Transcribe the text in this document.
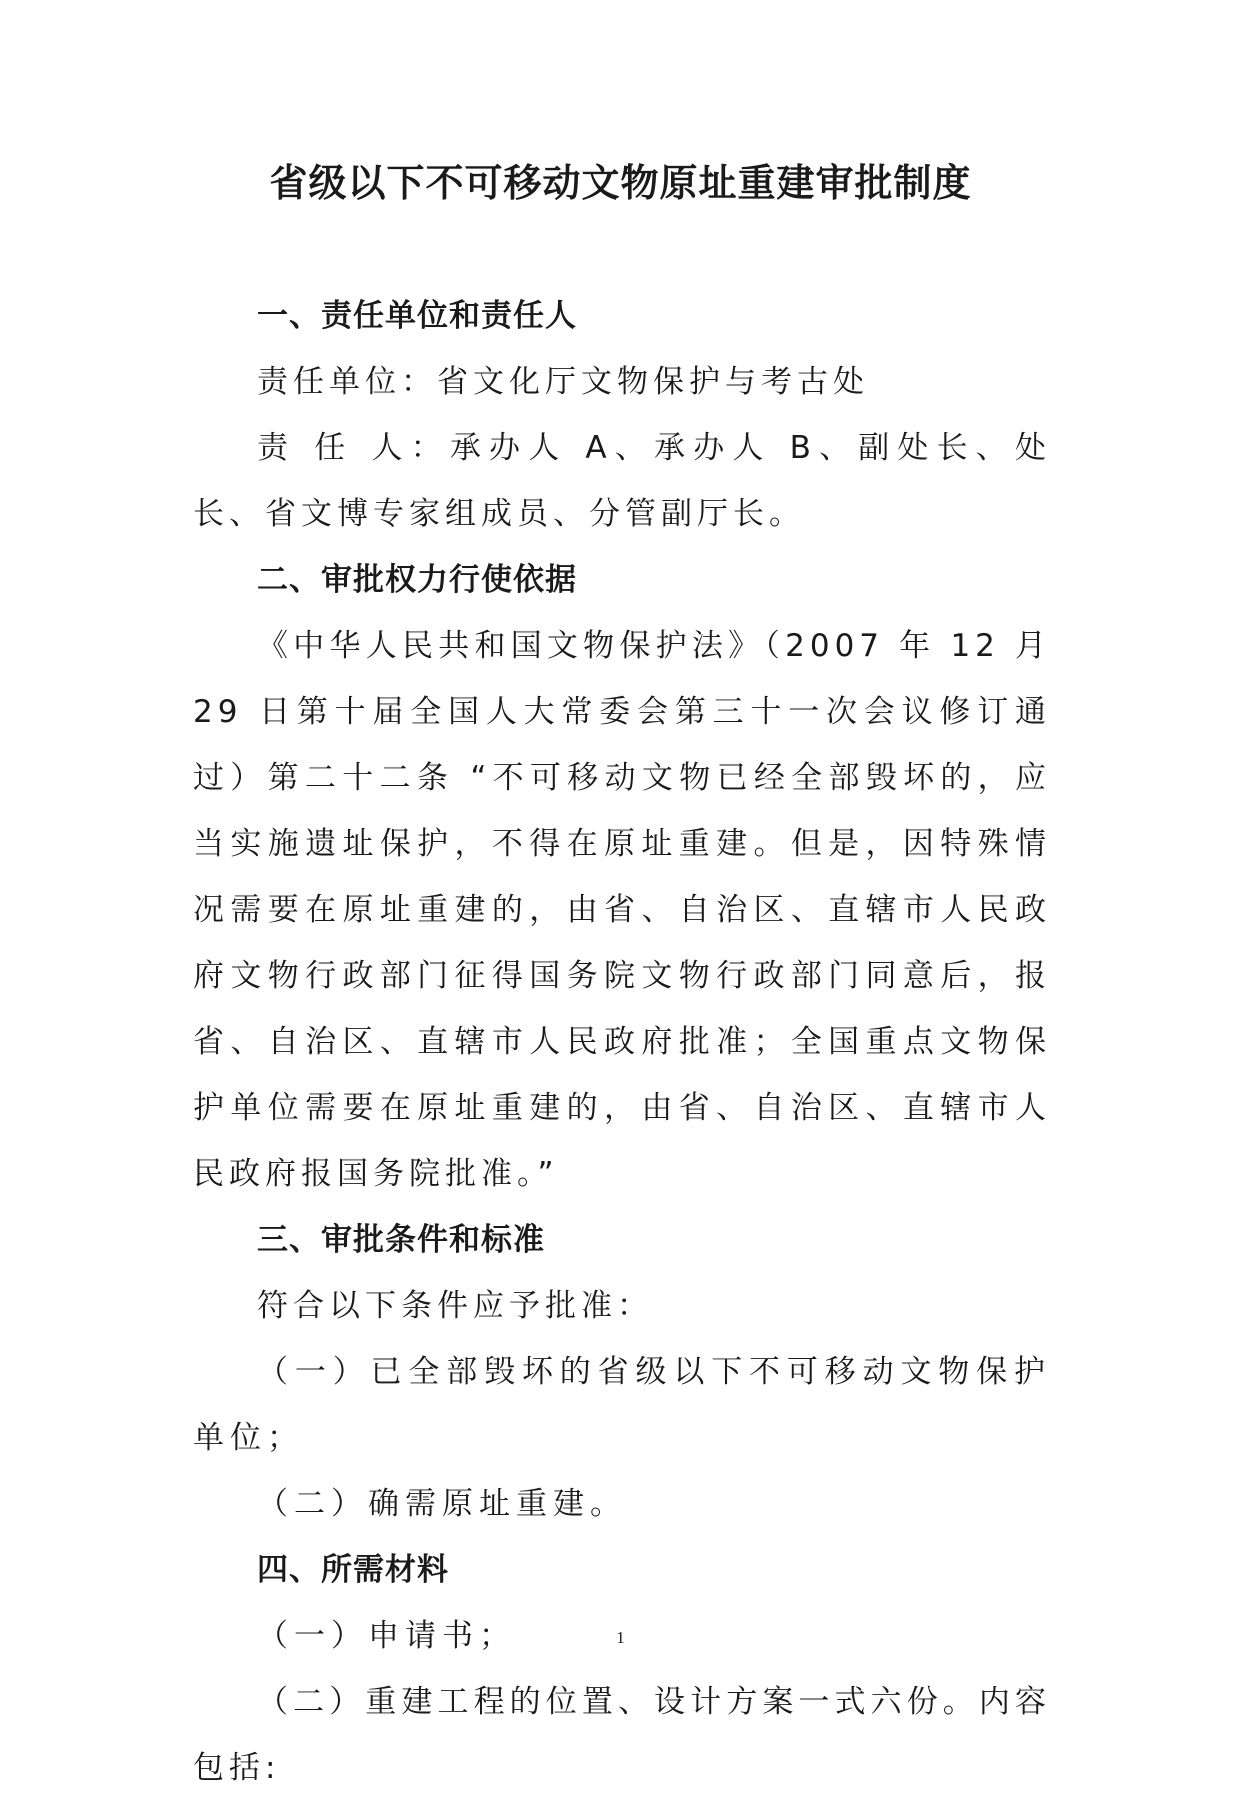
省级以下不可移动文物原址重建审批制度

一、责任单位和责任人

责任单位：省文化厅文物保护与考古处

责 任 人：承办人 A、承办人 B、副处长、处长、省文博专家组成员、分管副厅长。

二、审批权力行使依据

《中华人民共和国文物保护法》（2007 年 12 月 29 日第十届全国人大常委会第三十一次会议修订通过）第二十二条 “不可移动文物已经全部毁坏的，应当实施遗址保护，不得在原址重建。但是，因特殊情况需要在原址重建的，由省、自治区、直辖市人民政府文物行政部门征得国务院文物行政部门同意后，报省、自治区、直辖市人民政府批准；全国重点文物保护单位需要在原址重建的，由省、自治区、直辖市人民政府报国务院批准。”

三、审批条件和标准

符合以下条件应予批准：

（一）已全部毁坏的省级以下不可移动文物保护单位；

（二）确需原址重建。

四、所需材料

（一）申请书；

（二）重建工程的位置、设计方案一式六份。内容包括:

1
